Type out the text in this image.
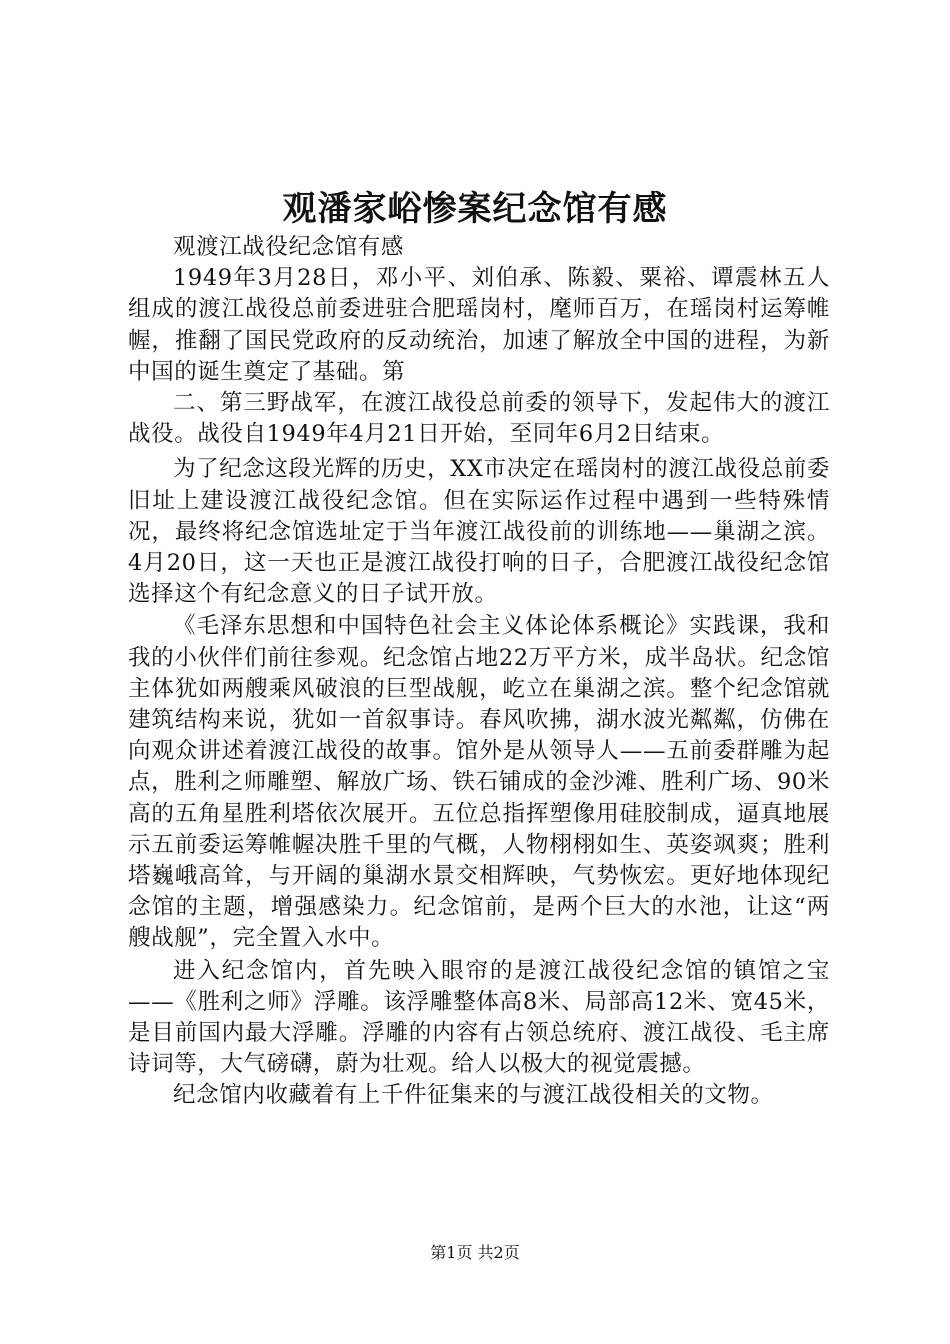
观潘家峪惨案纪念馆有感

观渡江战役纪念馆有感

1949年3月28日，邓小平、刘伯承、陈毅、粟裕、谭震林五人组成的渡江战役总前委进驻合肥瑶岗村，麾师百万，在瑶岗村运筹帷幄，推翻了国民党政府的反动统治，加速了解放全中国的进程，为新中国的诞生奠定了基础。第

二、第三野战军，在渡江战役总前委的领导下，发起伟大的渡江战役。战役自1949年4月21日开始，至同年6月2日结束。

为了纪念这段光辉的历史，XX市决定在瑶岗村的渡江战役总前委旧址上建设渡江战役纪念馆。但在实际运作过程中遇到一些特殊情况，最终将纪念馆选址定于当年渡江战役前的训练地——巢湖之滨。4月20日，这一天也正是渡江战役打响的日子，合肥渡江战役纪念馆选择这个有纪念意义的日子试开放。

《毛泽东思想和中国特色社会主义体论体系概论》实践课，我和我的小伙伴们前往参观。纪念馆占地22万平方米，成半岛状。纪念馆主体犹如两艘乘风破浪的巨型战舰，屹立在巢湖之滨。整个纪念馆就建筑结构来说，犹如一首叙事诗。春风吹拂，湖水波光粼粼，仿佛在向观众讲述着渡江战役的故事。馆外是从领导人——五前委群雕为起点，胜利之师雕塑、解放广场、铁石铺成的金沙滩、胜利广场、90米高的五角星胜利塔依次展开。五位总指挥塑像用硅胶制成，逼真地展示五前委运筹帷幄决胜千里的气概，人物栩栩如生、英姿飒爽；胜利塔巍峨高耸，与开阔的巢湖水景交相辉映，气势恢宏。更好地体现纪念馆的主题，增强感染力。纪念馆前，是两个巨大的水池，让这“两艘战舰”，完全置入水中。

进入纪念馆内，首先映入眼帘的是渡江战役纪念馆的镇馆之宝——《胜利之师》浮雕。该浮雕整体高8米、局部高12米、宽45米，是目前国内最大浮雕。浮雕的内容有占领总统府、渡江战役、毛主席诗词等，大气磅礴，蔚为壮观。给人以极大的视觉震撼。

纪念馆内收藏着有上千件征集来的与渡江战役相关的文物。

第1页 共2页
